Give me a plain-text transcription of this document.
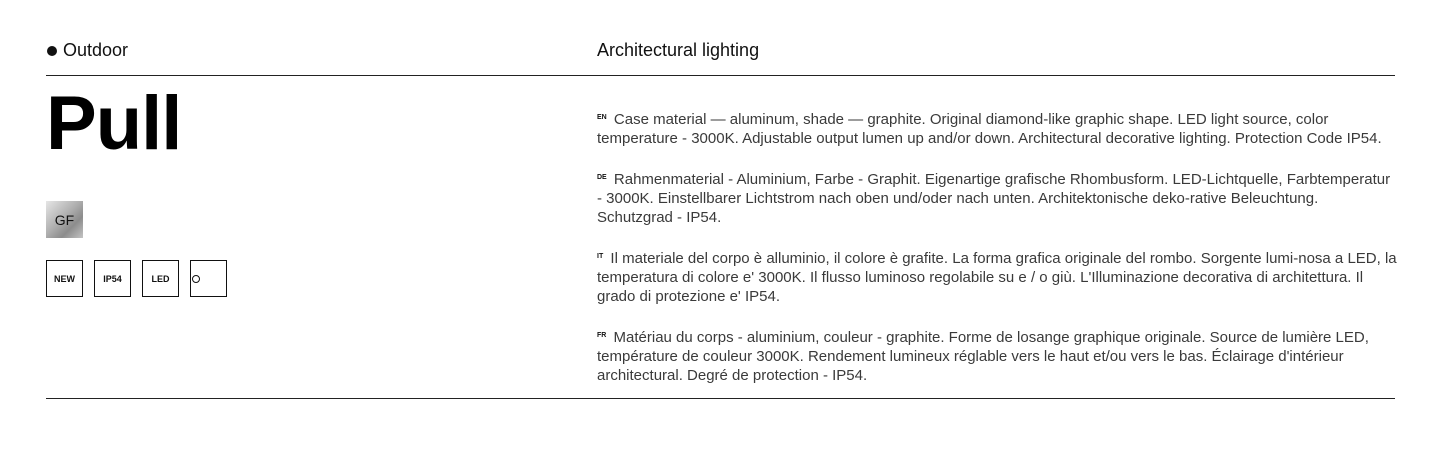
Outdoor	Architectural lighting
Pull
GF
NEW	IP54	LED

$^{EN}$ Case material — aluminum, shade — graphite. Original diamond-like graphic shape. LED light source, color temperature - 3000K. Adjustable output lumen up and/or down. Architectural decorative lighting. Protection Code IP54.

$^{DE}$ Rahmenmaterial - Aluminium, Farbe - Graphit. Eigenartige grafische Rhombusform. LED-Lichtquelle, Farbtemperatur - 3000K. Einstellbarer Lichtstrom nach oben und/oder nach unten. Architektonische deko-rative Beleuchtung. Schutzgrad - IP54.

$^{IT}$ Il materiale del corpo è alluminio, il colore è grafite. La forma grafica originale del rombo. Sorgente lumi-nosa a LED, la temperatura di colore e' 3000K. Il flusso luminoso regolabile su e / o giù. L'Illuminazione decorativa di architettura. Il grado di protezione e' IP54.

$^{FR}$ Matériau du corps - aluminium, couleur - graphite. Forme de losange graphique originale. Source de lumière LED, température de couleur 3000K. Rendement lumineux réglable vers le haut et/ou vers le bas. Éclairage d'intérieur architectural. Degré de protection - IP54.
